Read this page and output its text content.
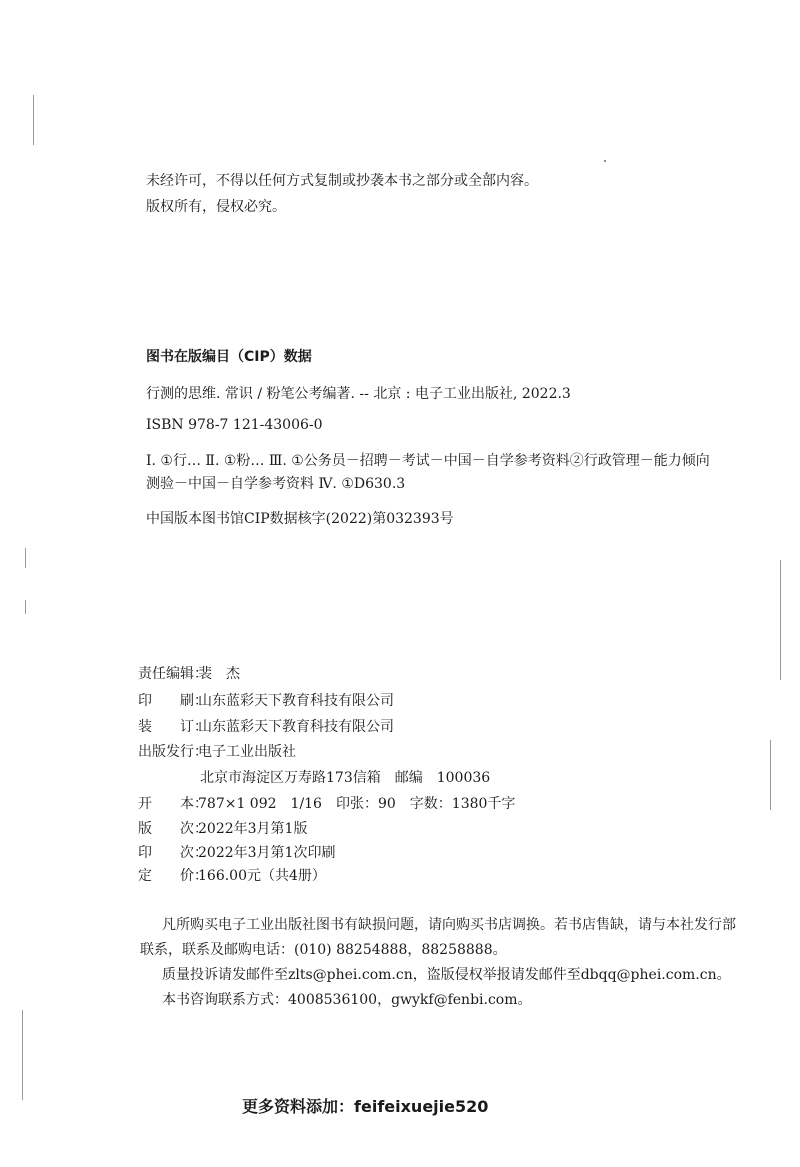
未经许可，不得以任何方式复制或抄袭本书之部分或全部内容。
版权所有，侵权必究。
图书在版编目（CIP）数据
行测的思维. 常识 / 粉笔公考编著. -- 北京 : 电子工业出版社, 2022.3
ISBN 978-7 121-43006-0
Ⅰ. ①行… Ⅱ. ①粉… Ⅲ. ①公务员－招聘－考试－中国－自学参考资料②行政管理－能力倾向
测验－中国－自学参考资料 Ⅳ. ①D630.3
中国版本图书馆CIP数据核字(2022)第032393号
责任编辑：裴　杰
印　　刷：山东蓝彩天下教育科技有限公司
装　　订：山东蓝彩天下教育科技有限公司
出版发行：电子工业出版社
北京市海淀区万寿路173信箱　邮编　100036
开　　本：787×1 092　1/16　印张：90　字数：1380千字
版　　次：2022年3月第1版
印　　次：2022年3月第1次印刷
定　　价：166.00元（共4册）
凡所购买电子工业出版社图书有缺损问题，请向购买书店调换。若书店售缺，请与本社发行部
联系，联系及邮购电话：(010) 88254888，88258888。
质量投诉请发邮件至zlts@phei.com.cn，盗版侵权举报请发邮件至dbqq@phei.com.cn。
本书咨询联系方式：4008536100，gwykf@fenbi.com。
更多资料添加：feifeixuejie520
